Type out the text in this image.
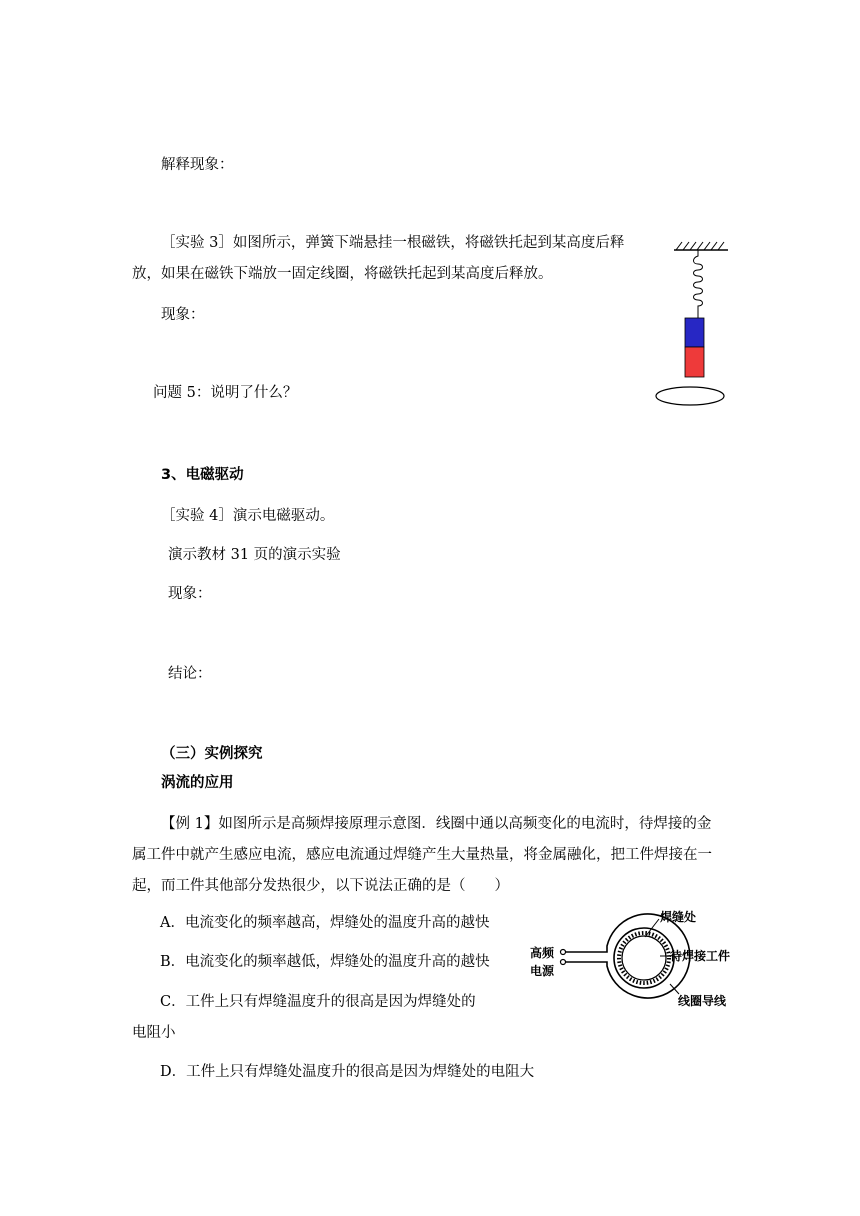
解释现象：
［实验 3］如图所示，弹簧下端悬挂一根磁铁，将磁铁托起到某高度后释
放，如果在磁铁下端放一固定线圈，将磁铁托起到某高度后释放。
现象：
问题 5：说明了什么？
3、电磁驱动
［实验 4］演示电磁驱动。
演示教材 31 页的演示实验
现象：
结论：
（三）实例探究
涡流的应用
【例 1】如图所示是高频焊接原理示意图．线圈中通以高频变化的电流时，待焊接的金
属工件中就产生感应电流，感应电流通过焊缝产生大量热量，将金属融化，把工件焊接在一
起，而工件其他部分发热很少，以下说法正确的是（　　）
A．电流变化的频率越高，焊缝处的温度升高的越快
B．电流变化的频率越低，焊缝处的温度升高的越快
C．工件上只有焊缝温度升的很高是因为焊缝处的
电阻小
D．工件上只有焊缝处温度升的很高是因为焊缝处的电阻大
焊缝处
高频
电源
待焊接工件
线圈导线
